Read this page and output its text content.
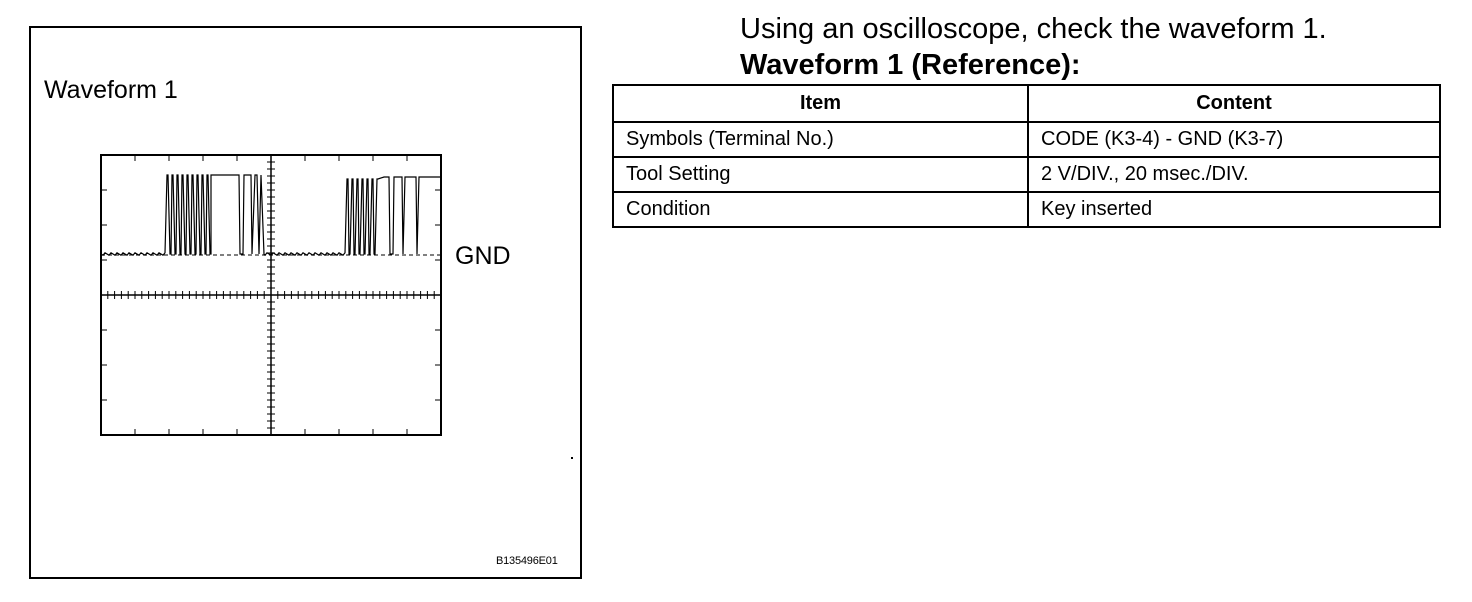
Waveform 1
GND
B135496E01
Using an oscilloscope, check the waveform 1.
Waveform 1 (Reference):
Item	Content
Symbols (Terminal No.)	CODE (K3-4) - GND (K3-7)
Tool Setting	2 V/DIV., 20 msec./DIV.
Condition	Key inserted
